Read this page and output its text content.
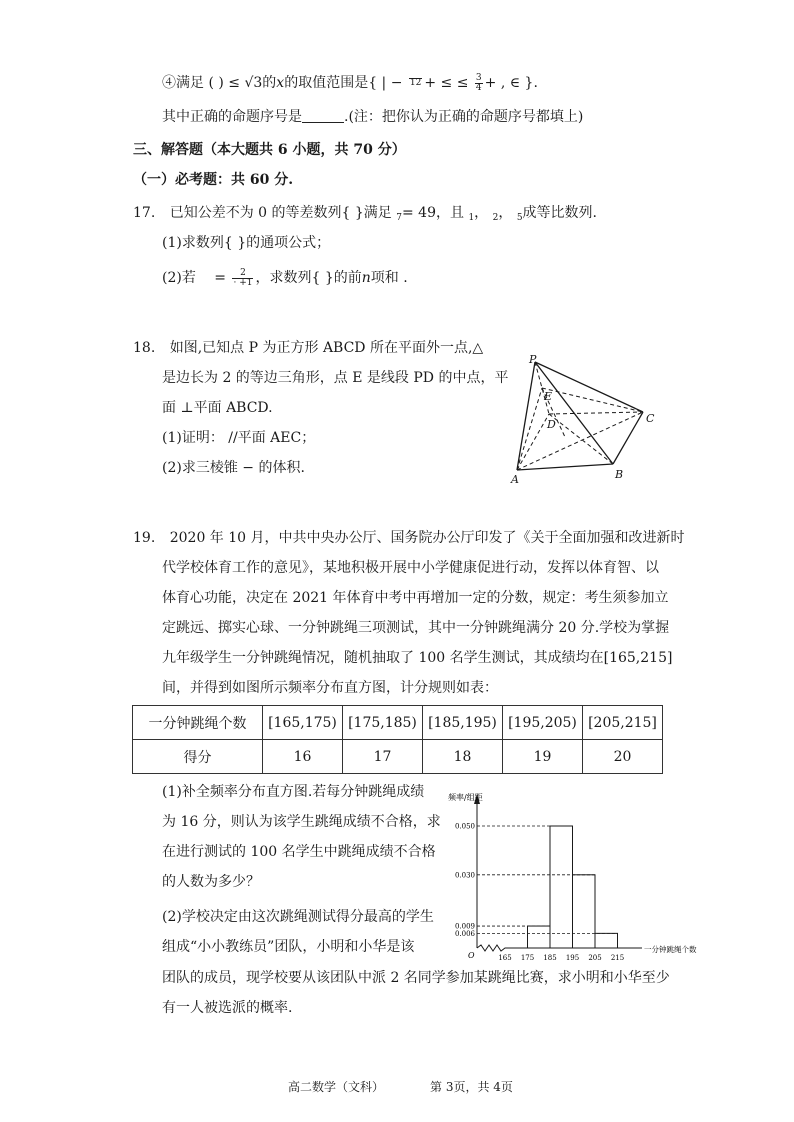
④满足 ( ) ≤ √3的x的取值范围是{ | − 12 + ≤ ≤ $\frac{3}{4}$ + , ∈ }.
其中正确的命题序号是	.(注：把你认为正确的命题序号都填上)
三、解答题（本大题共 6 小题，共 70 分）
（一）必考题：共 60 分.
17. 已知公差不为 0 的等差数列{ }满足 $_7$= 49，且 $_1$， $_2$， $_5$成等比数列.
(1)求数列{ }的通项公式；
(2)若 = $\frac{2}{\cdot +1}$ ，求数列{ }的前n项和 .
18. 如图,已知点 P 为正方形 ABCD 所在平面外一点,△
是边长为 2 的等边三角形，点 E 是线段 PD 的中点，平
面 ⊥平面 ABCD.
(1)证明： //平面 AEC；
(2)求三棱锥 − 的体积.
P
E
D	C
A	B
19. 2020 年 10 月，中共中央办公厅、国务院办公厅印发了《关于全面加强和改进新时
代学校体育工作的意见》，某地积极开展中小学健康促进行动，发挥以体育智、以
体育心功能，决定在 2021 年体育中考中再增加一定的分数，规定：考生须参加立
定跳远、掷实心球、一分钟跳绳三项测试，其中一分钟跳绳满分 20 分.学校为掌握
九年级学生一分钟跳绳情况，随机抽取了 100 名学生测试，其成绩均在[165,215]
间，并得到如图所示频率分布直方图，计分规则如表：
一分钟跳绳个数	[165,175)	[175,185)	[185,195)	[195,205)	[205,215]
得分	16	17	18	19	20
(1)补全频率分布直方图.若每分钟跳绳成绩
为 16 分，则认为该学生跳绳成绩不合格，求
在进行测试的 100 名学生中跳绳成绩不合格
的人数为多少？
(2)学校决定由这次跳绳测试得分最高的学生
组成“小小教练员”团队，小明和小华是该
团队的成员，现学校要从该团队中派 2 名同学参加某跳绳比赛，求小明和小华至少
有一人被选派的概率.
频率/组距
一分钟跳绳个数
O
0.050
0.030
0.009
0.006
165 175 185 195 205 215
高二数学（文科）	第 3页，共 4页
